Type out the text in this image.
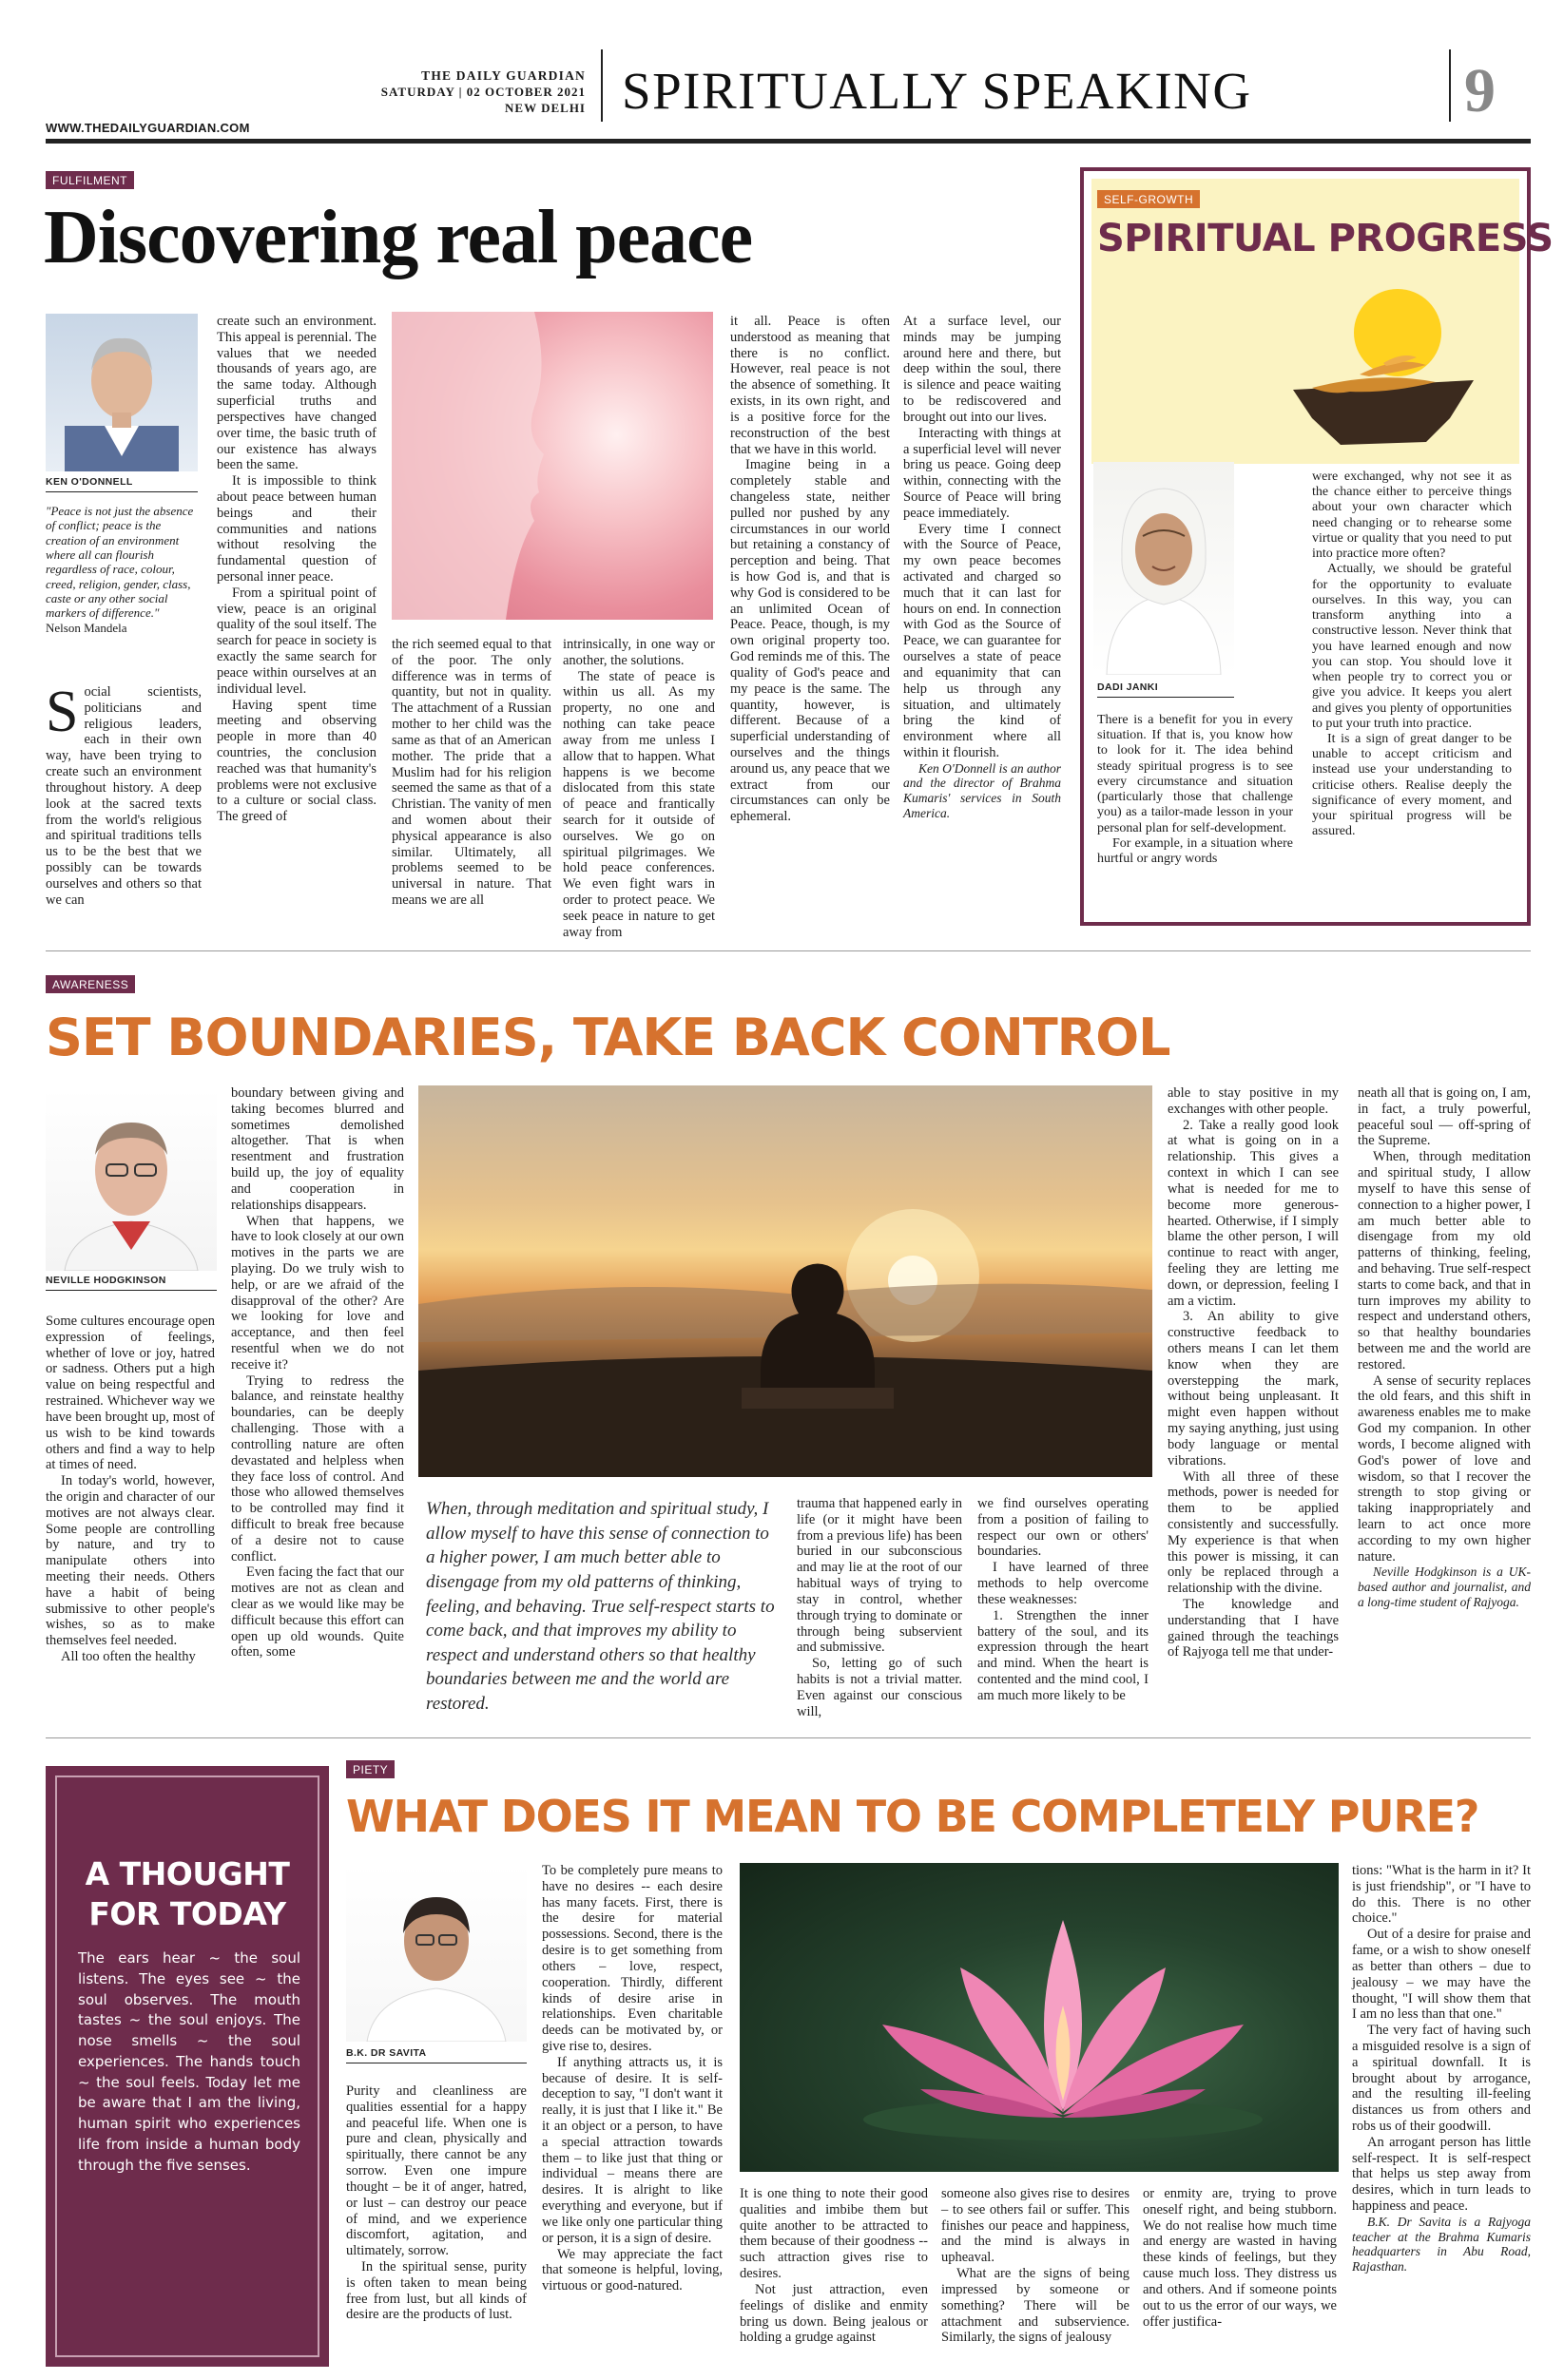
THE DAILY GUARDIAN
SATURDAY | 02 OCTOBER 2021
NEW DELHI SPIRITUALLY SPEAKING	9
WWW.THEDAILYGUARDIAN.COM
FULFILMENT
Discovering real peace
KEN O'DONNELL
"Peace is not just the absence of conflict; peace is the creation of an environment where all can flourish regardless of race, colour, creed, religion, gender, class, caste or any other social markers of difference."
Nelson Mandela

Social scientists, politicians and religious leaders, each in their own way, have been trying to create such an environment throughout history. A deep look at the sacred texts from the world's religious and spiritual traditions tells us to be the best that we possibly can be towards ourselves and others so that we can

create such an environment. This appeal is perennial. The values that we needed thousands of years ago, are the same today. Although superficial truths and perspectives have changed over time, the basic truth of our existence has always been the same.

It is impossible to think about peace between human beings and their communities and nations without resolving the fundamental question of personal inner peace.

From a spiritual point of view, peace is an original quality of the soul itself. The search for peace in society is exactly the same search for peace within ourselves at an individual level.

Having spent time meeting and observing people in more than 40 countries, the conclusion reached was that humanity's problems were not exclusive to a culture or social class. The greed of

the rich seemed equal to that of the poor. The only difference was in terms of quantity, but not in quality. The attachment of a Russian mother to her child was the same as that of an American mother. The pride that a Muslim had for his religion seemed the same as that of a Christian. The vanity of men and women about their physical appearance is also similar. Ultimately, all problems seemed to be universal in nature. That means we are all

intrinsically, in one way or another, the solutions.

The state of peace is within us all. As my property, no one and nothing can take peace away from me unless I allow that to happen. What happens is we become dislocated from this state of peace and frantically search for it outside of ourselves. We go on spiritual pilgrimages. We hold peace conferences. We even fight wars in order to protect peace. We seek peace in nature to get away from

it all. Peace is often understood as meaning that there is no conflict. However, real peace is not the absence of something. It exists, in its own right, and is a positive force for the reconstruction of the best that we have in this world.

Imagine being in a completely stable and changeless state, neither pulled nor pushed by any circumstances in our world but retaining a constancy of perception and being. That is how God is, and that is why God is considered to be an unlimited Ocean of Peace. Peace, though, is my own original property too. God reminds me of this. The quality of God's peace and my peace is the same. The quantity, however, is different. Because of a superficial understanding of ourselves and the things around us, any peace that we extract from our circumstances can only be ephemeral.

At a surface level, our minds may be jumping around here and there, but deep within the soul, there is silence and peace waiting to be rediscovered and brought out into our lives.

Interacting with things at a superficial level will never bring us peace. Going deep within, connecting with the Source of Peace will bring peace immediately.

Every time I connect with the Source of Peace, my own peace becomes activated and charged so much that it can last for hours on end. In connection with God as the Source of Peace, we can guarantee for ourselves a state of peace and equanimity that can help us through any situation, and ultimately bring the kind of environment where all within it flourish.

Ken O'Donnell is an author and the director of Brahma Kumaris' services in South America.

SELF-GROWTH
SPIRITUAL PROGRESS
DADI JANKI

There is a benefit for you in every situation. If that is, you know how to look for it. The idea behind steady spiritual progress is to see every circumstance and situation (particularly those that challenge you) as a tailor-made lesson in your personal plan for self-development.

For example, in a situation where hurtful or angry words

were exchanged, why not see it as the chance either to perceive things about your own character which need changing or to rehearse some virtue or quality that you need to put into practice more often?

Actually, we should be grateful for the opportunity to evaluate ourselves. In this way, you can transform anything into a constructive lesson. Never think that you have learned enough and now you can stop. You should love it when people try to correct you or give you advice. It keeps you alert and gives you plenty of opportunities to put your truth into practice.

It is a sign of great danger to be unable to accept criticism and instead use your understanding to criticise others. Realise deeply the significance of every moment, and your spiritual progress will be assured.

AWARENESS
SET BOUNDARIES, TAKE BACK CONTROL
NEVILLE HODGKINSON

Some cultures encourage open expression of feelings, whether of love or joy, hatred or sadness. Others put a high value on being respectful and restrained. Whichever way we have been brought up, most of us wish to be kind towards others and find a way to help at times of need.

In today's world, however, the origin and character of our motives are not always clear. Some people are controlling by nature, and try to manipulate others into meeting their needs. Others have a habit of being submissive to other people's wishes, so as to make themselves feel needed.

All too often the healthy

boundary between giving and taking becomes blurred and sometimes demolished altogether. That is when resentment and frustration build up, the joy of equality and cooperation in relationships disappears.

When that happens, we have to look closely at our own motives in the parts we are playing. Do we truly wish to help, or are we afraid of the disapproval of the other? Are we looking for love and acceptance, and then feel resentful when we do not receive it?

Trying to redress the balance, and reinstate healthy boundaries, can be deeply challenging. Those with a controlling nature are often devastated and helpless when they face loss of control. And those who allowed themselves to be controlled may find it difficult to break free because of a desire not to cause conflict.

Even facing the fact that our motives are not as clean and clear as we would like may be difficult because this effort can open up old wounds. Quite often, some

When, through meditation and spiritual study, I allow myself to have this sense of connection to a higher power, I am much better able to disengage from my old patterns of thinking, feeling, and behaving. True self-respect starts to come back, and that improves my ability to respect and understand others so that healthy boundaries between me and the world are restored.

trauma that happened early in life (or it might have been from a previous life) has been buried in our subconscious and may lie at the root of our habitual ways of trying to stay in control, whether through trying to dominate or through being subservient and submissive.

So, letting go of such habits is not a trivial matter. Even against our conscious will,

we find ourselves operating from a position of failing to respect our own or others' boundaries.

I have learned of three methods to help overcome these weaknesses:

1. Strengthen the inner battery of the soul, and its expression through the heart and mind. When the heart is contented and the mind cool, I am much more likely to be

able to stay positive in my exchanges with other people.

2. Take a really good look at what is going on in a relationship. This gives a context in which I can see what is needed for me to become more generous-hearted. Otherwise, if I simply blame the other person, I will continue to react with anger, feeling they are letting me down, or depression, feeling I am a victim.

3. An ability to give constructive feedback to others means I can let them know when they are overstepping the mark, without being unpleasant. It might even happen without my saying anything, just using body language or mental vibrations.

With all three of these methods, power is needed for them to be applied consistently and successfully. My experience is that when this power is missing, it can only be replaced through a relationship with the divine.

The knowledge and understanding that I have gained through the teachings of Rajyoga tell me that under-

neath all that is going on, I am, in fact, a truly powerful, peaceful soul — off-spring of the Supreme.

When, through meditation and spiritual study, I allow myself to have this sense of connection to a higher power, I am much better able to disengage from my old patterns of thinking, feeling, and behaving. True self-respect starts to come back, and that in turn improves my ability to respect and understand others, so that healthy boundaries between me and the world are restored.

A sense of security replaces the old fears, and this shift in awareness enables me to make God my companion. In other words, I become aligned with God's power of love and wisdom, so that I recover the strength to stop giving or taking inappropriately and learn to act once more according to my own higher nature.

Neville Hodgkinson is a UK-based author and journalist, and a long-time student of Rajyoga.

A THOUGHT
FOR TODAY
The ears hear ~ the soul listens. The eyes see ~ the soul observes. The mouth tastes ~ the soul enjoys. The nose smells ~ the soul experiences. The hands touch ~ the soul feels. Today let me be aware that I am the living, human spirit who experiences life from inside a human body through the five senses.
PIETY
WHAT DOES IT MEAN TO BE COMPLETELY PURE?
B.K. DR SAVITA

Purity and cleanliness are qualities essential for a happy and peaceful life. When one is pure and clean, physically and spiritually, there cannot be any sorrow. Even one impure thought – be it of anger, hatred, or lust – can destroy our peace of mind, and we experience discomfort, agitation, and ultimately, sorrow.

In the spiritual sense, purity is often taken to mean being free from lust, but all kinds of desire are the products of lust.

To be completely pure means to have no desires -- each desire has many facets. First, there is the desire for material possessions. Second, there is the desire is to get something from others – love, respect, cooperation. Thirdly, different kinds of desire arise in relationships. Even charitable deeds can be motivated by, or give rise to, desires.

If anything attracts us, it is because of desire. It is self-deception to say, "I don't want it really, it is just that I like it." Be it an object or a person, to have a special attraction towards them – to like just that thing or individual – means there are desires. It is alright to like everything and everyone, but if we like only one particular thing or person, it is a sign of desire.

We may appreciate the fact that someone is helpful, loving, virtuous or good-natured.

It is one thing to note their good qualities and imbibe them but quite another to be attracted to them because of their goodness -- such attraction gives rise to desires.

Not just attraction, even feelings of dislike and enmity bring us down. Being jealous or holding a grudge against

someone also gives rise to desires – to see others fail or suffer. This finishes our peace and happiness, and the mind is always in upheaval.

What are the signs of being impressed by someone or something? There will be attachment and subservience. Similarly, the signs of jealousy

or enmity are, trying to prove oneself right, and being stubborn. We do not realise how much time and energy are wasted in having these kinds of feelings, but they cause much loss. They distress us and others. And if someone points out to us the error of our ways, we offer justifica-

tions: "What is the harm in it? It is just friendship", or "I have to do this. There is no other choice."

Out of a desire for praise and fame, or a wish to show oneself as better than others – due to jealousy – we may have the thought, "I will show them that I am no less than that one."

The very fact of having such a misguided resolve is a sign of a spiritual downfall. It is brought about by arrogance, and the resulting ill-feeling distances us from others and robs us of their goodwill.

An arrogant person has little self-respect. It is self-respect that helps us step away from desires, which in turn leads to happiness and peace.

B.K. Dr Savita is a Rajyoga teacher at the Brahma Kumaris headquarters in Abu Road, Rajasthan.
